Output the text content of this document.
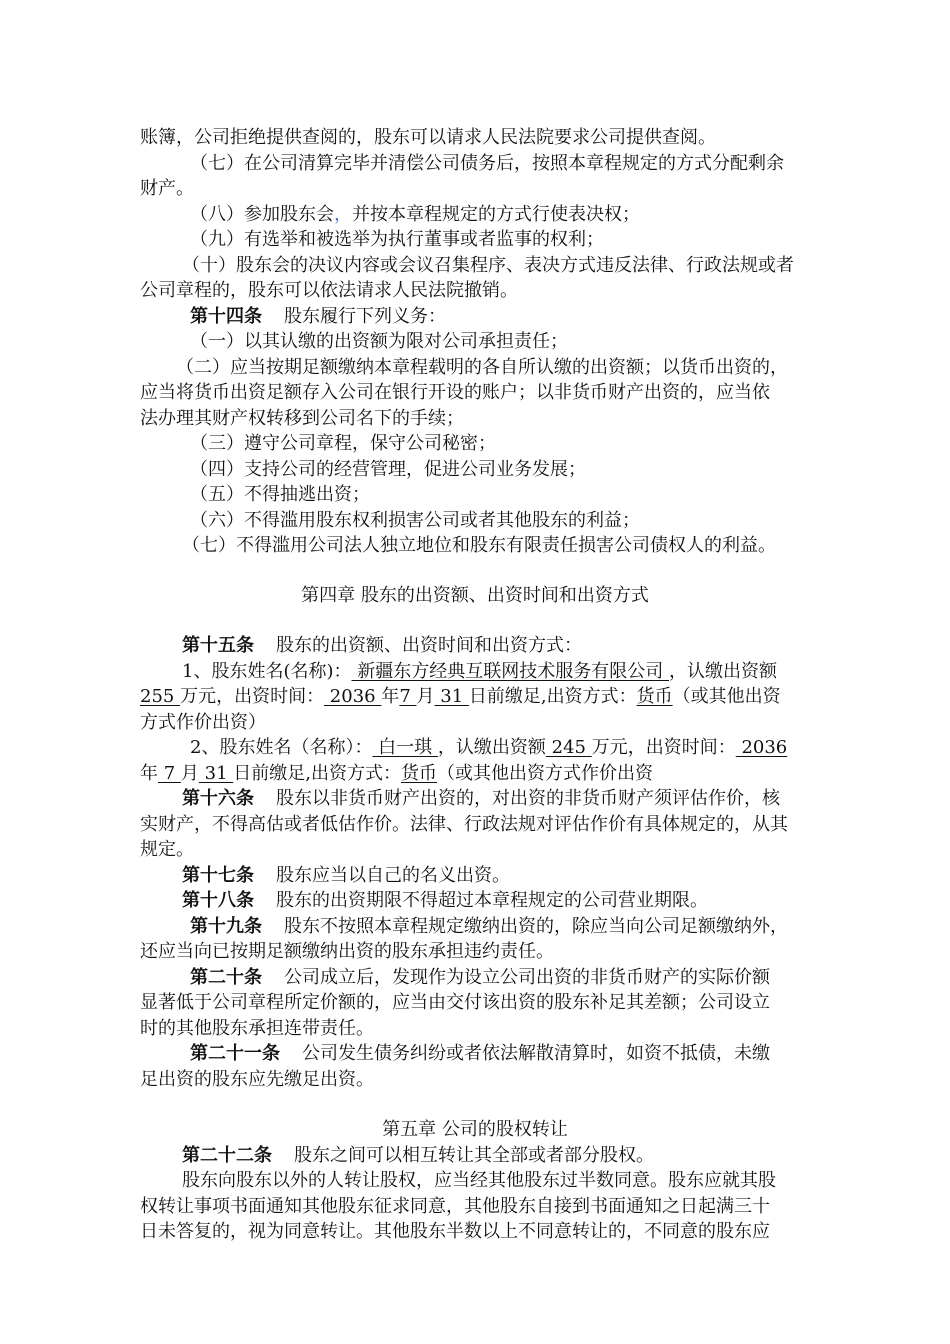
账簿，公司拒绝提供查阅的，股东可以请求人民法院要求公司提供查阅。
（七）在公司清算完毕并清偿公司债务后，按照本章程规定的方式分配剩余
财产。
（八）参加股东会，并按本章程规定的方式行使表决权；
（九）有选举和被选举为执行董事或者监事的权利；
（十）股东会的决议内容或会议召集程序、表决方式违反法律、行政法规或者
公司章程的，股东可以依法请求人民法院撤销。
第十四条 股东履行下列义务：
（一）以其认缴的出资额为限对公司承担责任；
（二）应当按期足额缴纳本章程载明的各自所认缴的出资额；以货币出资的，
应当将货币出资足额存入公司在银行开设的账户；以非货币财产出资的，应当依
法办理其财产权转移到公司名下的手续；
（三）遵守公司章程，保守公司秘密；
（四）支持公司的经营管理，促进公司业务发展；
（五）不得抽逃出资；
（六）不得滥用股东权利损害公司或者其他股东的利益；
（七）不得滥用公司法人独立地位和股东有限责任损害公司债权人的利益。
第四章 股东的出资额、出资时间和出资方式
第十五条 股东的出资额、出资时间和出资方式：
1、股东姓名(名称)： 新疆东方经典互联网技术服务有限公司 ，认缴出资额
255 万元，出资时间： 2036 年7 月 31 日前缴足,出资方式：货币（或其他出资
方式作价出资）
2、股东姓名（名称）： 白一琪 ，认缴出资额 245 万元，出资时间： 2036
年 7 月 31 日前缴足,出资方式：货币（或其他出资方式作价出资
第十六条 股东以非货币财产出资的，对出资的非货币财产须评估作价，核
实财产，不得高估或者低估作价。法律、行政法规对评估作价有具体规定的，从其
规定。
第十七条 股东应当以自己的名义出资。
第十八条 股东的出资期限不得超过本章程规定的公司营业期限。
第十九条 股东不按照本章程规定缴纳出资的，除应当向公司足额缴纳外，
还应当向已按期足额缴纳出资的股东承担违约责任。
第二十条 公司成立后，发现作为设立公司出资的非货币财产的实际价额
显著低于公司章程所定价额的，应当由交付该出资的股东补足其差额；公司设立
时的其他股东承担连带责任。
第二十一条 公司发生债务纠纷或者依法解散清算时，如资不抵债，未缴
足出资的股东应先缴足出资。
第五章 公司的股权转让
第二十二条 股东之间可以相互转让其全部或者部分股权。
股东向股东以外的人转让股权，应当经其他股东过半数同意。股东应就其股
权转让事项书面通知其他股东征求同意，其他股东自接到书面通知之日起满三十
日未答复的，视为同意转让。其他股东半数以上不同意转让的，不同意的股东应
